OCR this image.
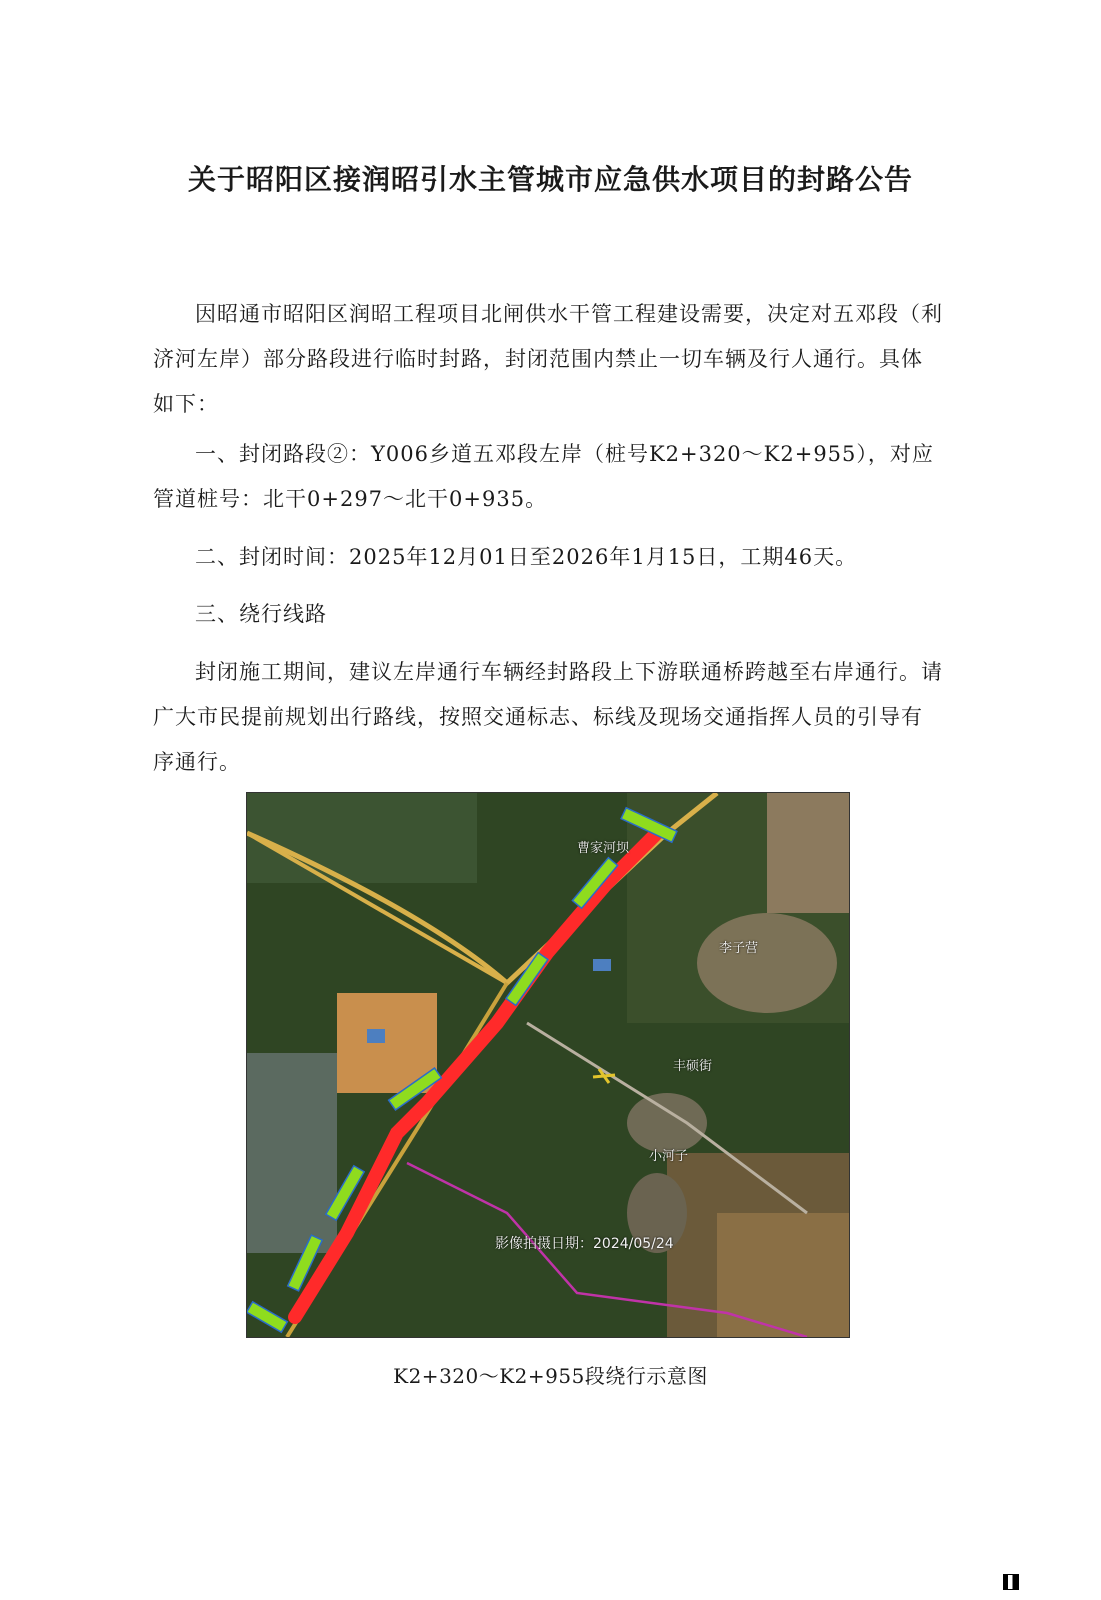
关于昭阳区接润昭引水主管城市应急供水项目的封路公告

因昭通市昭阳区润昭工程项目北闸供水干管工程建设需要，决定对五邓段（利济河左岸）部分路段进行临时封路，封闭范围内禁止一切车辆及行人通行。具体如下：

一、封闭路段②：Y006乡道五邓段左岸（桩号K2+320～K2+955），对应管道桩号：北干0+297～北干0+935。

二、封闭时间：2025年12月01日至2026年1月15日，工期46天。

三、绕行线路

封闭施工期间，建议左岸通行车辆经封路段上下游联通桥跨越至右岸通行。请广大市民提前规划出行路线，按照交通标志、标线及现场交通指挥人员的引导有序通行。

曹家河坝
李子营
丰硕街
小河子
影像拍摄日期：2024/05/24
K2+320～K2+955段绕行示意图
